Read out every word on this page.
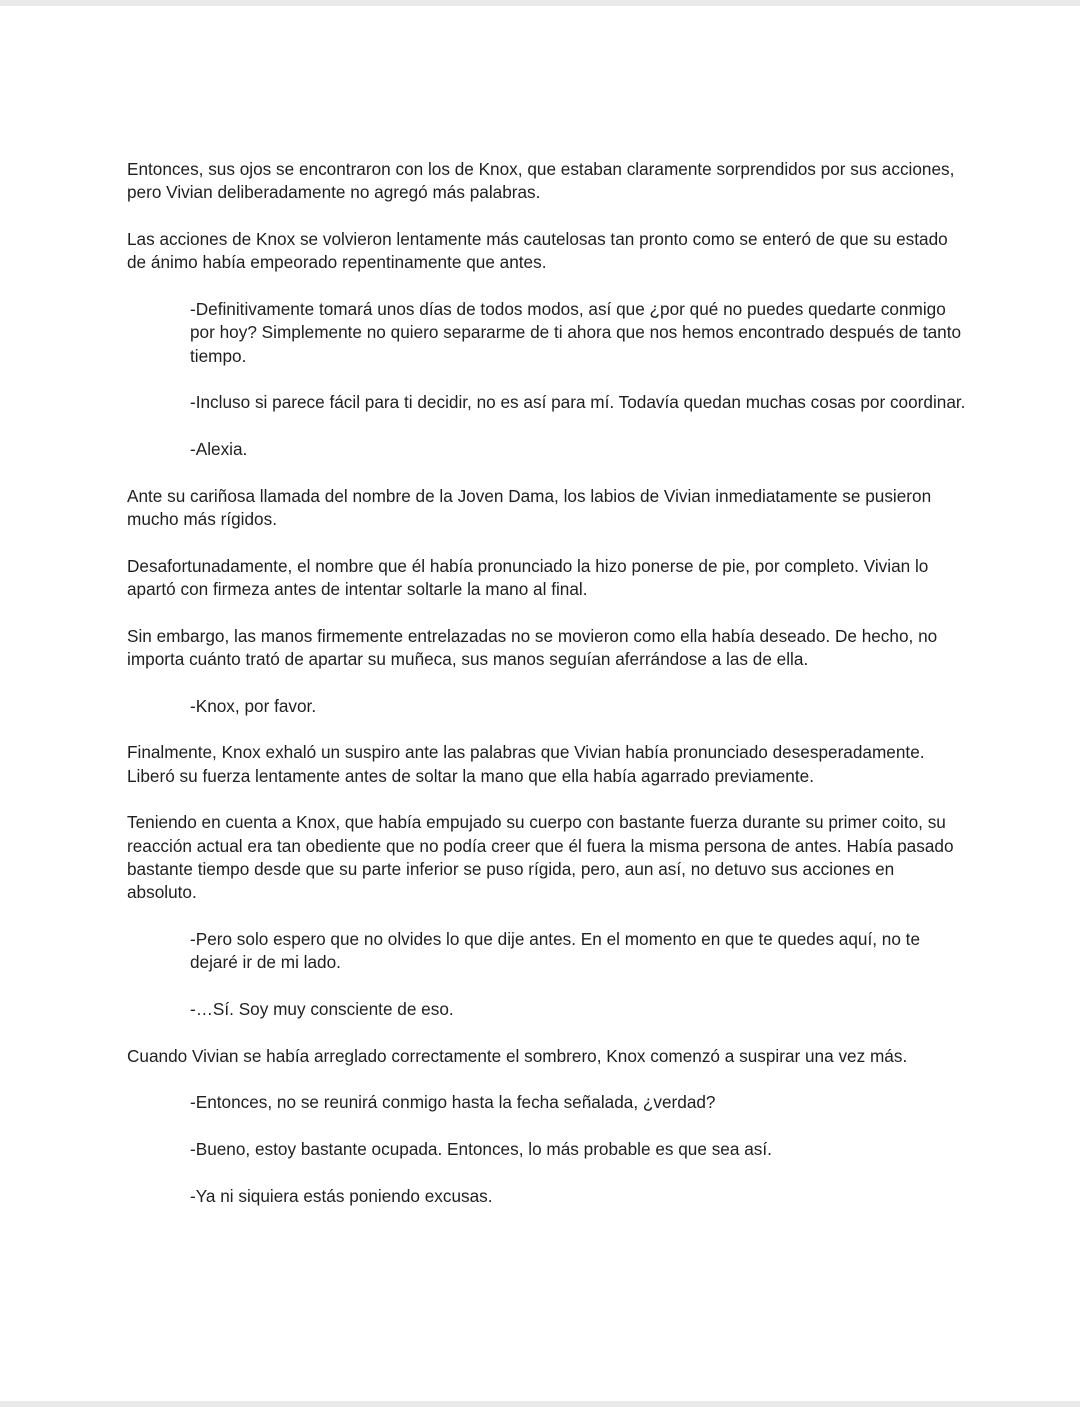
Entonces, sus ojos se encontraron con los de Knox, que estaban claramente sorprendidos por sus acciones, pero Vivian deliberadamente no agregó más palabras.

Las acciones de Knox se volvieron lentamente más cautelosas tan pronto como se enteró de que su estado de ánimo había empeorado repentinamente que antes.

-Definitivamente tomará unos días de todos modos, así que ¿por qué no puedes quedarte conmigo por hoy? Simplemente no quiero separarme de ti ahora que nos hemos encontrado después de tanto tiempo.

-Incluso si parece fácil para ti decidir, no es así para mí. Todavía quedan muchas cosas por coordinar.

-Alexia.

Ante su cariñosa llamada del nombre de la Joven Dama, los labios de Vivian inmediatamente se pusieron mucho más rígidos.

Desafortunadamente, el nombre que él había pronunciado la hizo ponerse de pie, por completo. Vivian lo apartó con firmeza antes de intentar soltarle la mano al final.

Sin embargo, las manos firmemente entrelazadas no se movieron como ella había deseado. De hecho, no importa cuánto trató de apartar su muñeca, sus manos seguían aferrándose a las de ella.

-Knox, por favor.

Finalmente, Knox exhaló un suspiro ante las palabras que Vivian había pronunciado desesperadamente. Liberó su fuerza lentamente antes de soltar la mano que ella había agarrado previamente.

Teniendo en cuenta a Knox, que había empujado su cuerpo con bastante fuerza durante su primer coito, su reacción actual era tan obediente que no podía creer que él fuera la misma persona de antes. Había pasado bastante tiempo desde que su parte inferior se puso rígida, pero, aun así, no detuvo sus acciones en absoluto.

-Pero solo espero que no olvides lo que dije antes. En el momento en que te quedes aquí, no te dejaré ir de mi lado.

-…Sí. Soy muy consciente de eso.

Cuando Vivian se había arreglado correctamente el sombrero, Knox comenzó a suspirar una vez más.

-Entonces, no se reunirá conmigo hasta la fecha señalada, ¿verdad?

-Bueno, estoy bastante ocupada. Entonces, lo más probable es que sea así.

-Ya ni siquiera estás poniendo excusas.
